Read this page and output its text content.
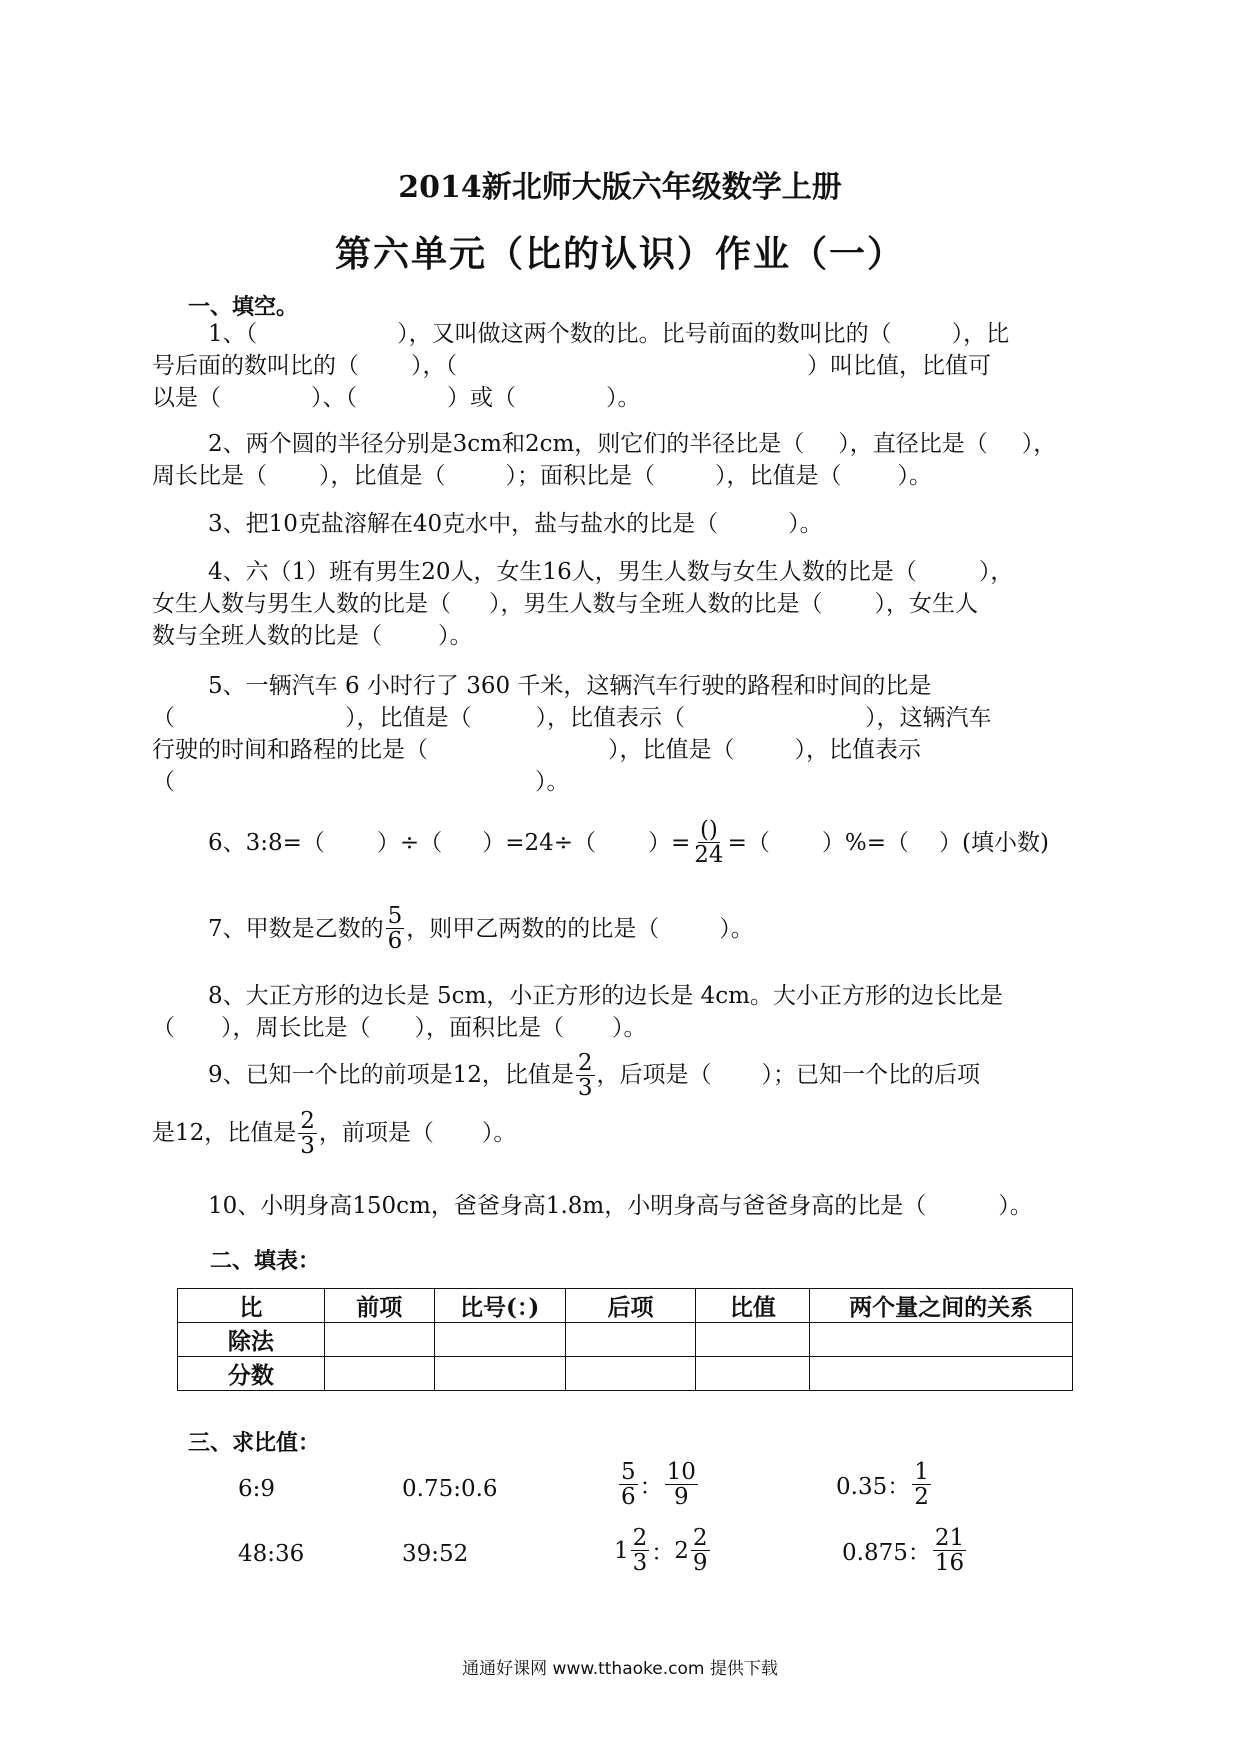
2014新北师大版六年级数学上册
第六单元（比的认识）作业（一）
一、填空。
1、（	），又叫做这两个数的比。比号前面的数叫比的（	），比
号后面的数叫比的（ ），（	）叫比值，比值可
以是（	）、（	）或（	）。
2、两个圆的半径分别是3cm和2cm，则它们的半径比是（ ），直径比是（ ），
周长比是（ ），比值是（	）；面积比是（	），比值是（ ）。
3、把10克盐溶解在40克水中，盐与盐水的比是（	）。
4、六（1）班有男生20人，女生16人，男生人数与女生人数的比是（	），
女生人数与男生人数的比是（ ），男生人数与全班人数的比是（ ），女生人
数与全班人数的比是（ ）。
5、一辆汽车 6 小时行了 360 千米，这辆汽车行驶的路程和时间的比是
（	），比值是（	），比值表示（	），这辆汽车
行驶的时间和路程的比是（	），比值是（	），比值表示
（	）。
6、3:8=（ ）÷（ ）=24÷（ ）= $\frac{()}{24}$ =（ ）%=（ ）(填小数)
7、甲数是乙数的 $\frac{5}{6}$ ，则甲乙两数的的比是（	）。
8、大正方形的边长是 5cm，小正方形的边长是 4cm。大小正方形的边长比是
（ ），周长比是（ ），面积比是（ ）。
9、已知一个比的前项是12，比值是 $\frac{2}{3}$ ，后项是（ ）；已知一个比的后项
是12，比值是 $\frac{2}{3}$ ，前项是（ ）。
10、小明身高150cm，爸爸身高1.8m，小明身高与爸爸身高的比是（	）。
二、填表：
比	前项	比号(：)	后项	比值	两个量之间的关系
除法					
分数					
三、求比值：
6:9	0.75:0.6	$\frac{5}{6}$ ： $\frac{10}{9}$	0.35： $\frac{1}{2}$
48:36	39:52	$1 \frac{2}{3}$ ： $2 \frac{2}{9}$	0.875： $\frac{21}{16}$
通通好课网 www.tthaoke.com 提供下载
